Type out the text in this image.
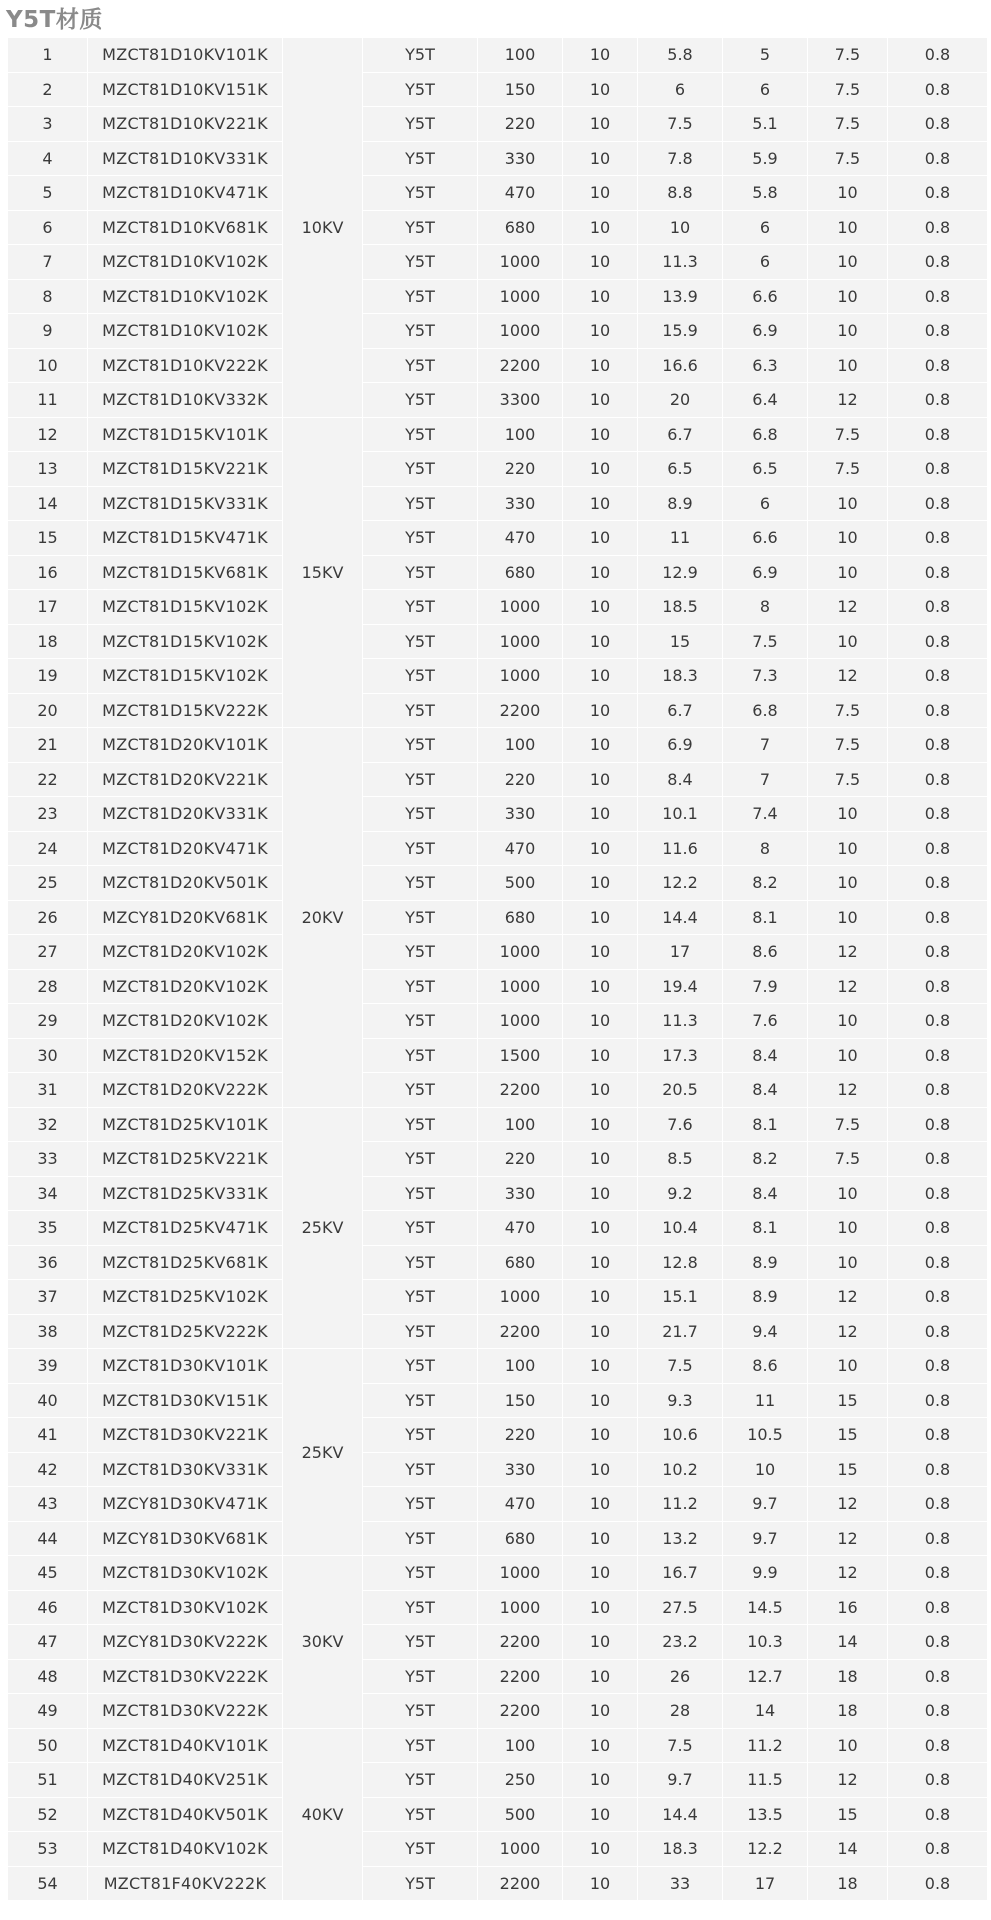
Y5T材质
1	MZCT81D10KV101K	10KV	Y5T	100	10	5.8	5	7.5	0.8
2	MZCT81D10KV151K		Y5T	150	10	6	6	7.5	0.8
3	MZCT81D10KV221K		Y5T	220	10	7.5	5.1	7.5	0.8
4	MZCT81D10KV331K		Y5T	330	10	7.8	5.9	7.5	0.8
5	MZCT81D10KV471K		Y5T	470	10	8.8	5.8	10	0.8
6	MZCT81D10KV681K		Y5T	680	10	10	6	10	0.8
7	MZCT81D10KV102K		Y5T	1000	10	11.3	6	10	0.8
8	MZCT81D10KV102K		Y5T	1000	10	13.9	6.6	10	0.8
9	MZCT81D10KV102K		Y5T	1000	10	15.9	6.9	10	0.8
10	MZCT81D10KV222K		Y5T	2200	10	16.6	6.3	10	0.8
11	MZCT81D10KV332K		Y5T	3300	10	20	6.4	12	0.8
12	MZCT81D15KV101K	15KV	Y5T	100	10	6.7	6.8	7.5	0.8
13	MZCT81D15KV221K		Y5T	220	10	6.5	6.5	7.5	0.8
14	MZCT81D15KV331K		Y5T	330	10	8.9	6	10	0.8
15	MZCT81D15KV471K		Y5T	470	10	11	6.6	10	0.8
16	MZCT81D15KV681K		Y5T	680	10	12.9	6.9	10	0.8
17	MZCT81D15KV102K		Y5T	1000	10	18.5	8	12	0.8
18	MZCT81D15KV102K		Y5T	1000	10	15	7.5	10	0.8
19	MZCT81D15KV102K		Y5T	1000	10	18.3	7.3	12	0.8
20	MZCT81D15KV222K		Y5T	2200	10	6.7	6.8	7.5	0.8
21	MZCT81D20KV101K	20KV	Y5T	100	10	6.9	7	7.5	0.8
22	MZCT81D20KV221K		Y5T	220	10	8.4	7	7.5	0.8
23	MZCT81D20KV331K		Y5T	330	10	10.1	7.4	10	0.8
24	MZCT81D20KV471K		Y5T	470	10	11.6	8	10	0.8
25	MZCT81D20KV501K		Y5T	500	10	12.2	8.2	10	0.8
26	MZCY81D20KV681K		Y5T	680	10	14.4	8.1	10	0.8
27	MZCT81D20KV102K		Y5T	1000	10	17	8.6	12	0.8
28	MZCT81D20KV102K		Y5T	1000	10	19.4	7.9	12	0.8
29	MZCT81D20KV102K		Y5T	1000	10	11.3	7.6	10	0.8
30	MZCT81D20KV152K		Y5T	1500	10	17.3	8.4	10	0.8
31	MZCT81D20KV222K		Y5T	2200	10	20.5	8.4	12	0.8
32	MZCT81D25KV101K	25KV	Y5T	100	10	7.6	8.1	7.5	0.8
33	MZCT81D25KV221K		Y5T	220	10	8.5	8.2	7.5	0.8
34	MZCT81D25KV331K		Y5T	330	10	9.2	8.4	10	0.8
35	MZCT81D25KV471K		Y5T	470	10	10.4	8.1	10	0.8
36	MZCT81D25KV681K		Y5T	680	10	12.8	8.9	10	0.8
37	MZCT81D25KV102K		Y5T	1000	10	15.1	8.9	12	0.8
38	MZCT81D25KV222K		Y5T	2200	10	21.7	9.4	12	0.8
39	MZCT81D30KV101K	25KV	Y5T	100	10	7.5	8.6	10	0.8
40	MZCT81D30KV151K		Y5T	150	10	9.3	11	15	0.8
41	MZCT81D30KV221K		Y5T	220	10	10.6	10.5	15	0.8
42	MZCT81D30KV331K		Y5T	330	10	10.2	10	15	0.8
43	MZCY81D30KV471K		Y5T	470	10	11.2	9.7	12	0.8
44	MZCY81D30KV681K		Y5T	680	10	13.2	9.7	12	0.8
45	MZCT81D30KV102K	30KV	Y5T	1000	10	16.7	9.9	12	0.8
46	MZCT81D30KV102K		Y5T	1000	10	27.5	14.5	16	0.8
47	MZCY81D30KV222K		Y5T	2200	10	23.2	10.3	14	0.8
48	MZCT81D30KV222K		Y5T	2200	10	26	12.7	18	0.8
49	MZCT81D30KV222K		Y5T	2200	10	28	14	18	0.8
50	MZCT81D40KV101K	40KV	Y5T	100	10	7.5	11.2	10	0.8
51	MZCT81D40KV251K		Y5T	250	10	9.7	11.5	12	0.8
52	MZCT81D40KV501K		Y5T	500	10	14.4	13.5	15	0.8
53	MZCT81D40KV102K		Y5T	1000	10	18.3	12.2	14	0.8
54	MZCT81F40KV222K		Y5T	2200	10	33	17	18	0.8
